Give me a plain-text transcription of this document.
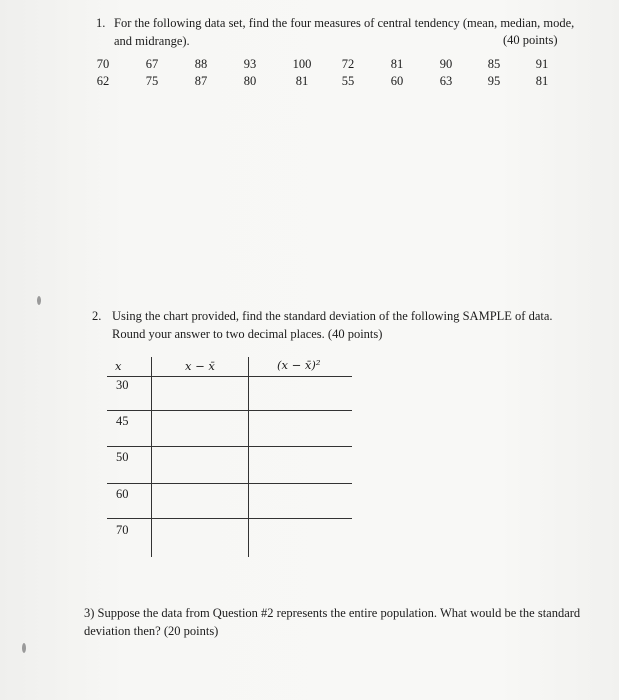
1. For the following data set, find the four measures of central tendency (mean, median, mode, and midrange).	(40 points)
70	67	88	93	100	72	81	90	85	91
62	75	87	80	81	55	60	63	95	81
2. Using the chart provided, find the standard deviation of the following SAMPLE of data. Round your answer to two decimal places. (40 points)
x	x − x̄	(x − x̄)²
30
45
50
60
70
3) Suppose the data from Question #2 represents the entire population. What would be the standard deviation then? (20 points)
